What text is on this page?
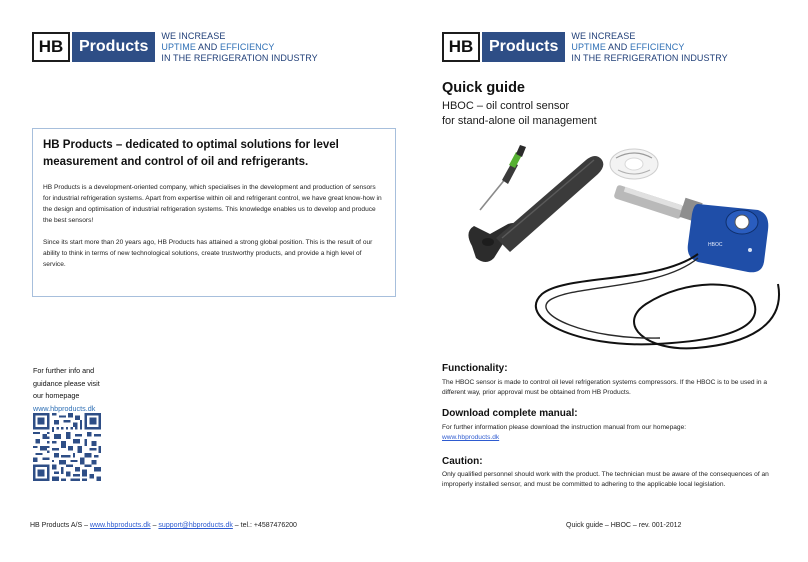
HB Products
WE INCREASE
UPTIME AND EFFICIENCY
IN THE REFRIGERATION INDUSTRY
HB Products – dedicated to optimal solutions for level measurement and control of oil and refrigerants.

HB Products is a development-oriented company, which specialises in the development and production of sensors for industrial refrigeration systems. Apart from expertise within oil and refrigerant control, we have great know-how in the design and optimisation of industrial refrigeration systems. This knowledge enables us to develop and produce the best sensors!

Since its start more than 20 years ago, HB Products has attained a strong global position. This is the result of our ability to think in terms of new technological solutions, create trustworthy products, and provide a high level of service.

For further info and
guidance please visit
our homepage
www.hbproducts.dk
HB Products A/S – www.hbproducts.dk – support@hbproducts.dk – tel.: +4587476200
HB Products
WE INCREASE
UPTIME AND EFFICIENCY
IN THE REFRIGERATION INDUSTRY
Quick guide
HBOC – oil control sensor
for stand-alone oil management
HBOC
Functionality:
The HBOC sensor is made to control oil level refrigeration systems compressors. If the HBOC is to be used in a different way, prior approval must be obtained from HB Products.
Download complete manual:
For further information please download the instruction manual from our homepage:
www.hbproducts.dk
Caution:
Only qualified personnel should work with the product. The technician must be aware of the consequences of an improperly installed sensor, and must be committed to adhering to the applicable local legislation.
Quick guide – HBOC – rev. 001-2012
